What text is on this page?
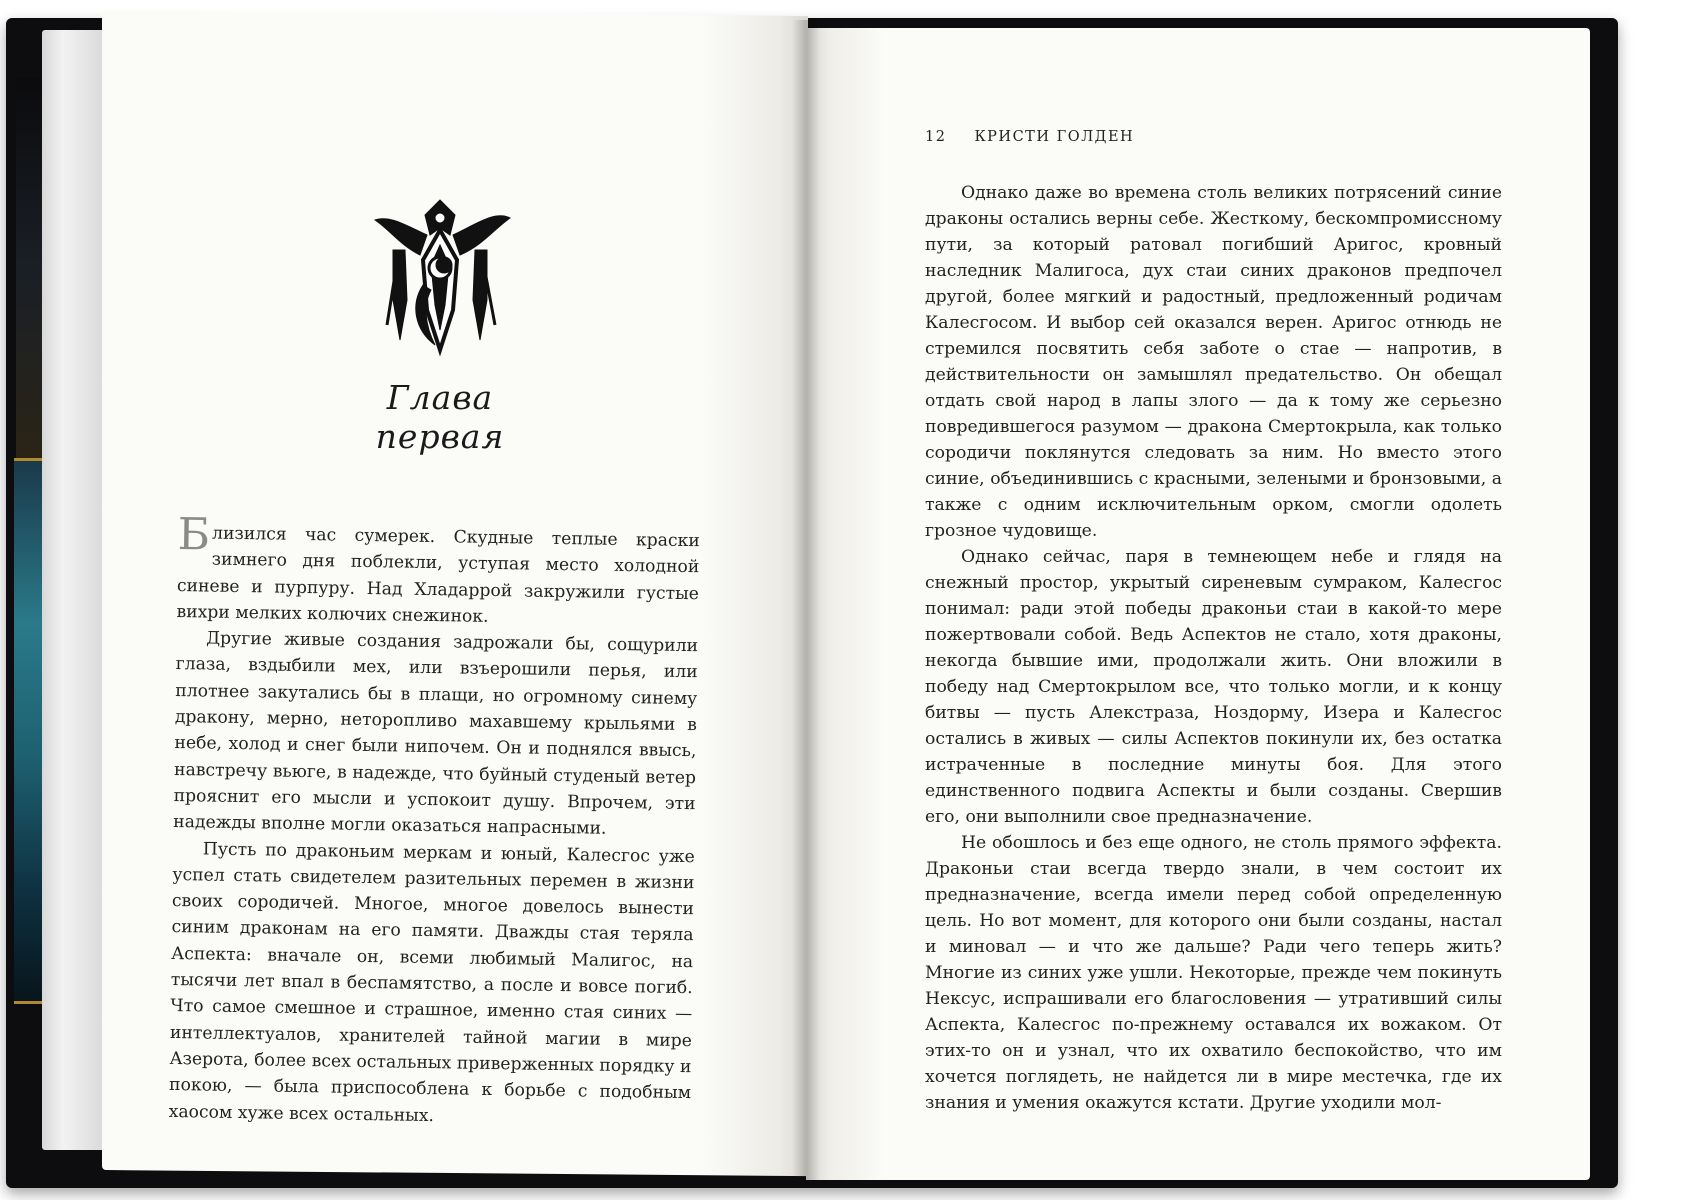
Глава первая

Близился час сумерек. Скудные теплые краски зимнего дня поблекли, уступая место холодной синеве и пурпуру. Над Хладаррой закружили густые вихри мелких колючих снежинок.

Другие живые создания задрожали бы, сощурили глаза, вздыбили мех, или взъерошили перья, или плотнее закутались бы в плащи, но огромному синему дракону, мерно, неторопливо махавшему крыльями в небе, холод и снег были нипочем. Он и поднялся ввысь, навстречу вьюге, в надежде, что буйный студеный ветер прояснит его мысли и успокоит душу. Впрочем, эти надежды вполне могли оказаться напрасными.

Пусть по драконьим меркам и юный, Калесгос уже успел стать свидетелем разительных перемен в жизни своих сородичей. Многое, многое довелось вынести синим драконам на его памяти. Дважды стая теряла Аспекта: вначале он, всеми любимый Малигос, на тысячи лет впал в беспамятство, а после и вовсе погиб. Что самое смешное и страшное, именно стая синих — интеллектуалов, хранителей тайной магии в мире Азерота, более всех остальных приверженных порядку и покою, — была приспособлена к борьбе с подобным хаосом хуже всех остальных.

12 КРИСТИ ГОЛДЕН

Однако даже во времена столь великих потрясений синие драконы остались верны себе. Жесткому, бескомпромиссному пути, за который ратовал погибший Аригос, кровный наследник Малигоса, дух стаи синих драконов предпочел другой, более мягкий и радостный, предложенный родичам Калесгосом. И выбор сей оказался верен. Аригос отнюдь не стремился посвятить себя заботе о стае — напротив, в действительности он замышлял предательство. Он обещал отдать свой народ в лапы злого — да к тому же серьезно повредившегося разумом — дракона Смертокрыла, как только сородичи поклянутся следовать за ним. Но вместо этого синие, объединившись с красными, зелеными и бронзовыми, а также с одним исключительным орком, смогли одолеть грозное чудовище.

Однако сейчас, паря в темнеющем небе и глядя на снежный простор, укрытый сиреневым сумраком, Калесгос понимал: ради этой победы драконьи стаи в какой-то мере пожертвовали собой. Ведь Аспектов не стало, хотя драконы, некогда бывшие ими, продолжали жить. Они вложили в победу над Смертокрылом все, что только могли, и к концу битвы — пусть Алекстраза, Ноздорму, Изера и Калесгос остались в живых — силы Аспектов покинули их, без остатка истраченные в последние минуты боя. Для этого единственного подвига Аспекты и были созданы. Свершив его, они выполнили свое предназначение.

Не обошлось и без еще одного, не столь прямого эффекта. Драконьи стаи всегда твердо знали, в чем состоит их предназначение, всегда имели перед собой определенную цель. Но вот момент, для которого они были созданы, настал и миновал — и что же дальше? Ради чего теперь жить? Многие из синих уже ушли. Некоторые, прежде чем покинуть Нексус, испрашивали его благословения — утративший силы Аспекта, Калесгос по-прежнему оставался их вожаком. От этих-то он и узнал, что их охватило беспокойство, что им хочется поглядеть, не найдется ли в мире местечка, где их знания и умения окажутся кстати. Другие уходили мол-
